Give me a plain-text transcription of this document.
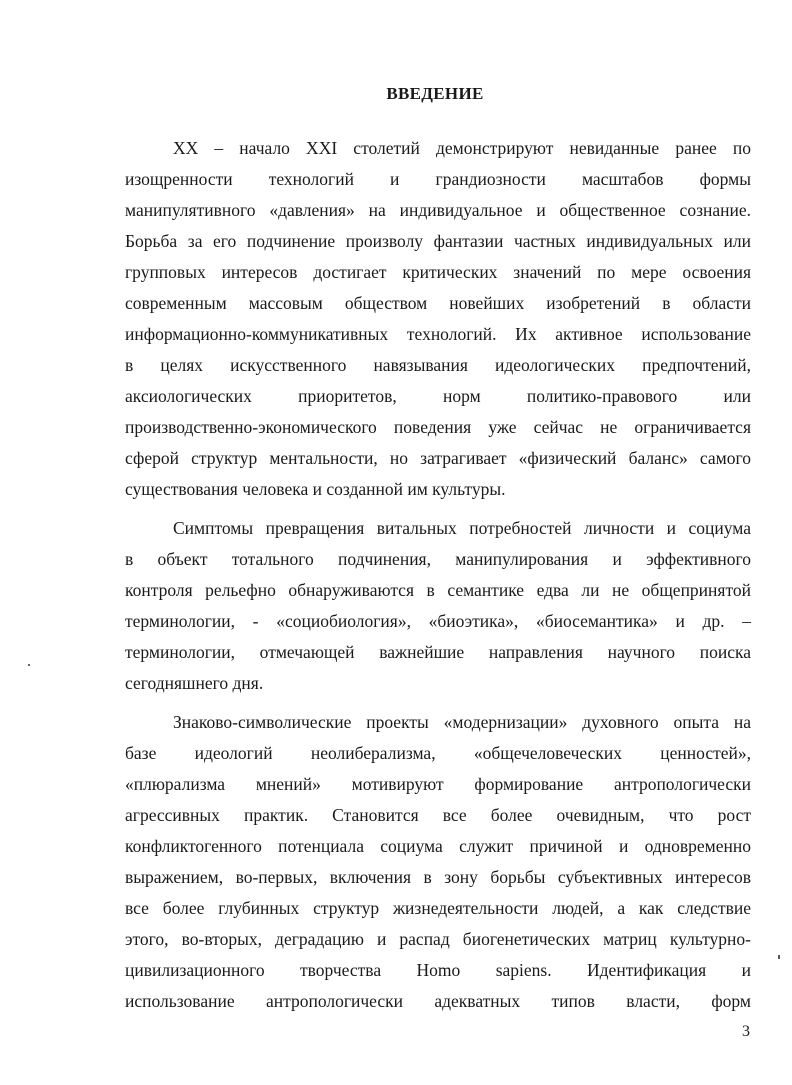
ВВЕДЕНИЕ
XX – начало XXI столетий демонстрируют невиданные ранее по
изощренности технологий и грандиозности масштабов формы
манипулятивного «давления» на индивидуальное и общественное сознание.
Борьба за его подчинение произволу фантазии частных индивидуальных или
групповых интересов достигает критических значений по мере освоения
современным массовым обществом новейших изобретений в области
информационно-коммуникативных технологий. Их активное использование
в целях искусственного навязывания идеологических предпочтений,
аксиологических приоритетов, норм политико-правового или
производственно-экономического поведения уже сейчас не ограничивается
сферой структур ментальности, но затрагивает «физический баланс» самого
существования человека и созданной им культуры.
Симптомы превращения витальных потребностей личности и социума
в объект тотального подчинения, манипулирования и эффективного
контроля рельефно обнаруживаются в семантике едва ли не общепринятой
терминологии, - «социобиология», «биоэтика», «биосемантика» и др. –
терминологии, отмечающей важнейшие направления научного поиска
сегодняшнего дня.
Знаково-символические проекты «модернизации» духовного опыта на
базе идеологий неолиберализма, «общечеловеческих ценностей»,
«плюрализма мнений» мотивируют формирование антропологически
агрессивных практик. Становится все более очевидным, что рост
конфликтогенного потенциала социума служит причиной и одновременно
выражением, во-первых, включения в зону борьбы субъективных интересов
все более глубинных структур жизнедеятельности людей, а как следствие
этого, во-вторых, деградацию и распад биогенетических матриц культурно-
цивилизационного творчества Homo sapiens. Идентификация и
использование антропологически адекватных типов власти, форм
3
